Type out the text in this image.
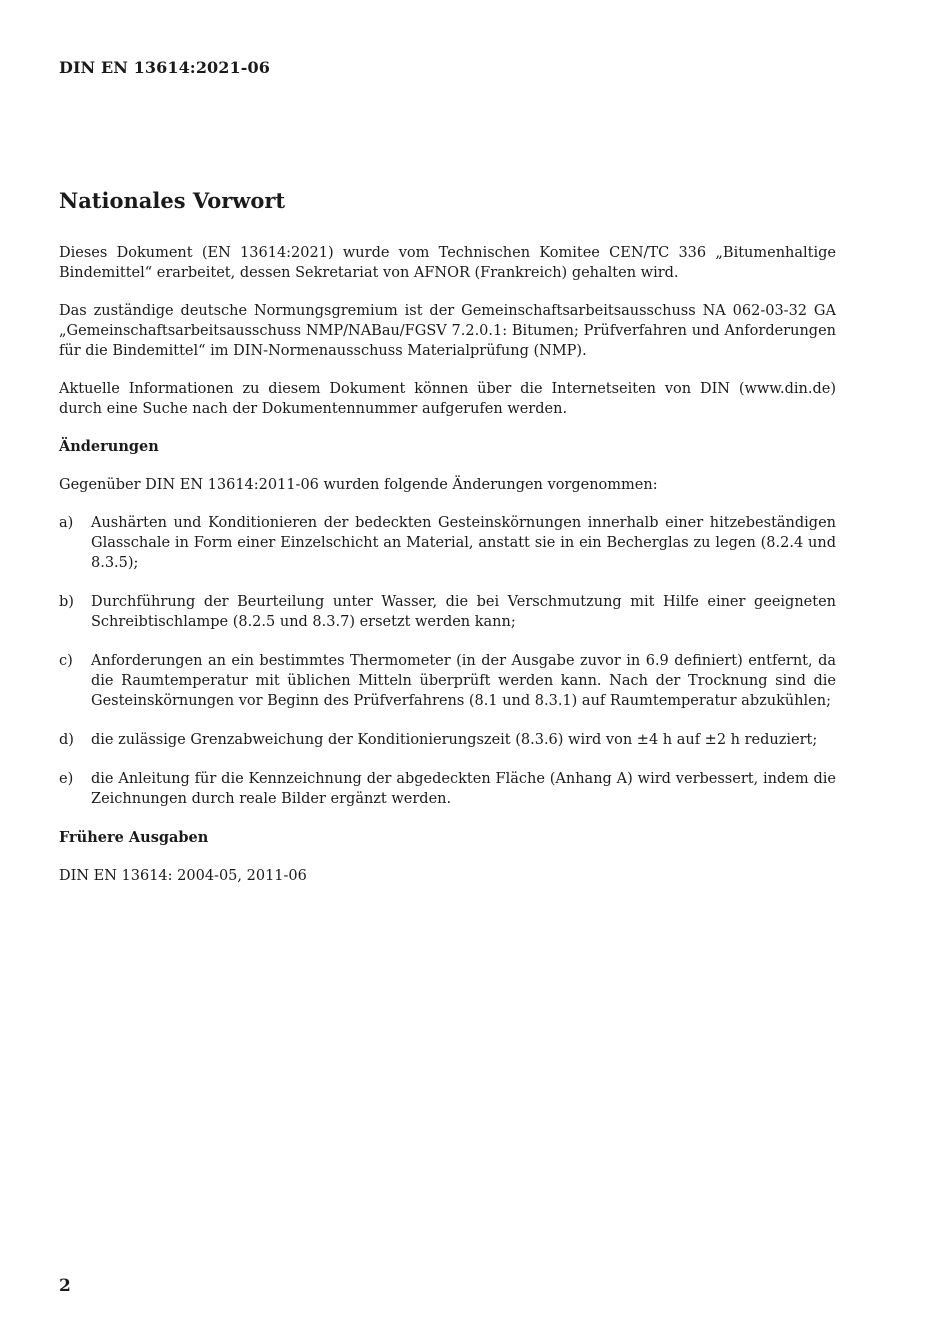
DIN EN 13614:2021-06
Nationales Vorwort

Dieses Dokument (EN 13614:2021) wurde vom Technischen Komitee CEN/TC 336 „Bitumenhaltige Bindemittel“ erarbeitet, dessen Sekretariat von AFNOR (Frankreich) gehalten wird.

Das zuständige deutsche Normungsgremium ist der Gemeinschaftsarbeitsausschuss NA 062-03-32 GA „Gemeinschaftsarbeitsausschuss NMP/NABau/FGSV 7.2.0.1: Bitumen; Prüfverfahren und Anforderungen für die Bindemittel“ im DIN-Normenausschuss Materialprüfung (NMP).

Aktuelle Informationen zu diesem Dokument können über die Internetseiten von DIN (www.din.de) durch eine Suche nach der Dokumentennummer aufgerufen werden.

Änderungen

Gegenüber DIN EN 13614:2011-06 wurden folgende Änderungen vorgenommen:

a) Aushärten und Konditionieren der bedeckten Gesteinskörnungen innerhalb einer hitzebeständigen Glasschale in Form einer Einzelschicht an Material, anstatt sie in ein Becherglas zu legen (8.2.4 und 8.3.5);
b) Durchführung der Beurteilung unter Wasser, die bei Verschmutzung mit Hilfe einer geeigneten Schreibtischlampe (8.2.5 und 8.3.7) ersetzt werden kann;
c) Anforderungen an ein bestimmtes Thermometer (in der Ausgabe zuvor in 6.9 definiert) entfernt, da die Raumtemperatur mit üblichen Mitteln überprüft werden kann. Nach der Trocknung sind die Gesteinskörnungen vor Beginn des Prüfverfahrens (8.1 und 8.3.1) auf Raumtemperatur abzukühlen;
d) die zulässige Grenzabweichung der Konditionierungszeit (8.3.6) wird von ±4 h auf ±2 h reduziert;
e) die Anleitung für die Kennzeichnung der abgedeckten Fläche (Anhang A) wird verbessert, indem die Zeichnungen durch reale Bilder ergänzt werden.

Frühere Ausgaben

DIN EN 13614: 2004-05, 2011-06

2
